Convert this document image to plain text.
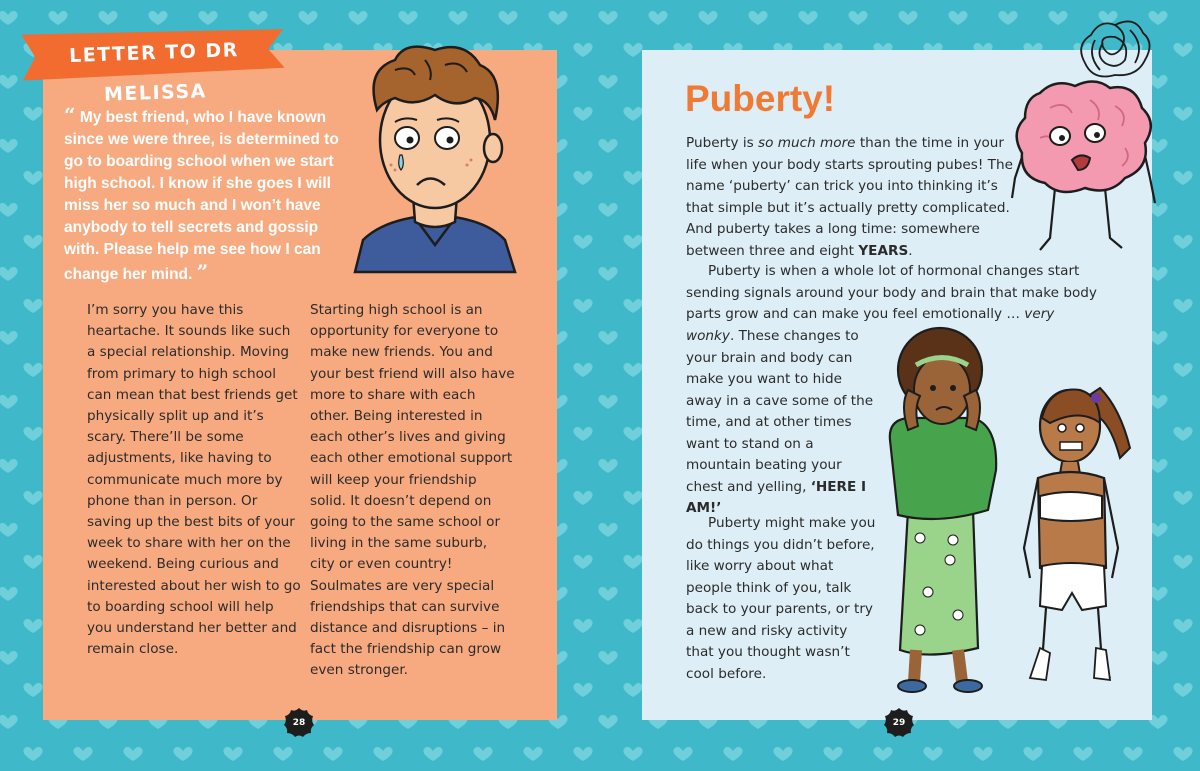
LETTER TO DR MELISSA
“ My best friend, who I have known since we were three, is determined to go to boarding school when we start high school. I know if she goes I will miss her so much and I won’t have anybody to tell secrets and gossip with. Please help me see how I can change her mind. ”
I’m sorry you have this heartache. It sounds like such a special relationship. Moving from primary to high school can mean that best friends get physically split up and it’s scary. There’ll be some adjustments, like having to communicate much more by phone than in person. Or saving up the best bits of your week to share with her on the weekend. Being curious and interested about her wish to go to boarding school will help you understand her better and remain close.
Starting high school is an opportunity for everyone to make new friends. You and your best friend will also have more to share with each other. Being interested in each other’s lives and giving each other emotional support will keep your friendship solid. It doesn’t depend on going to the same school or living in the same suburb, city or even country! Soulmates are very special friendships that can survive distance and disruptions – in fact the friendship can grow even stronger.
28
Puberty!
Puberty is so much more than the time in your life when your body starts sprouting pubes! The name ‘puberty’ can trick you into thinking it’s that simple but it’s actually pretty complicated. And puberty takes a long time: somewhere between three and eight YEARS.
Puberty is when a whole lot of hormonal changes start sending signals around your body and brain that make body parts grow and can make you feel emotionally … very
wonky. These changes to your brain and body can make you want to hide away in a cave some of the time, and at other times want to stand on a mountain beating your chest and yelling, ‘HERE I AM!’
Puberty might make you do things you didn’t before, like worry about what people think of you, talk back to your parents, or try a new and risky activity that you thought wasn’t cool before.
29
